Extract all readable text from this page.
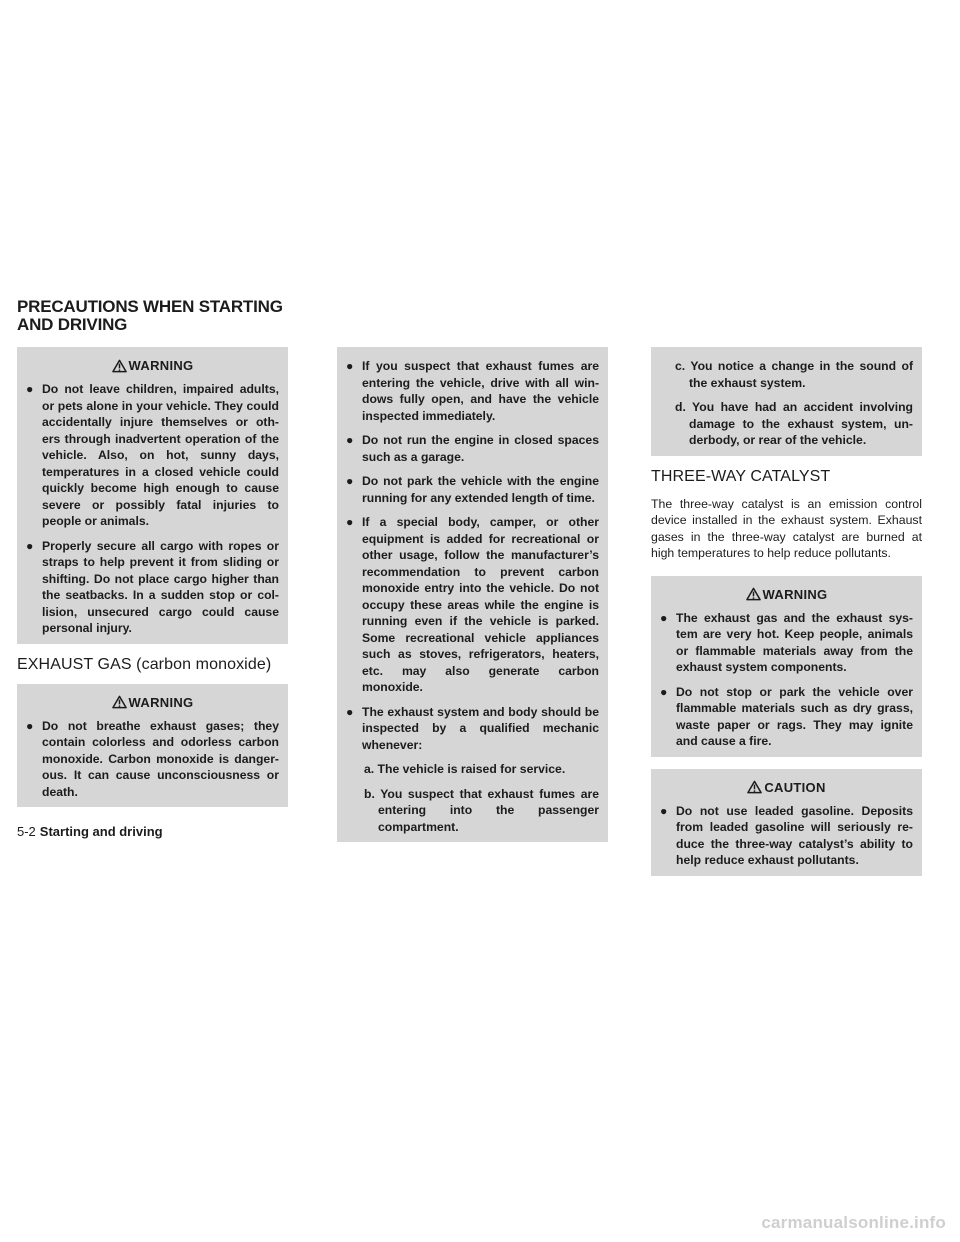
PRECAUTIONS WHEN STARTING
AND DRIVING
WARNING
● Do not leave children, impaired adults, or pets alone in your vehicle. They could accidentally injure themselves or oth- ers through inadvertent operation of the vehicle. Also, on hot, sunny days, temperatures in a closed vehicle could quickly become high enough to cause severe or possibly fatal injuries to people or animals.
● Properly secure all cargo with ropes or straps to help prevent it from sliding or shifting. Do not place cargo higher than the seatbacks. In a sudden stop or col- lision, unsecured cargo could cause personal injury.
EXHAUST GAS (carbon monoxide)
WARNING
● Do not breathe exhaust gases; they contain colorless and odorless carbon monoxide. Carbon monoxide is danger- ous. It can cause unconsciousness or death.
● If you suspect that exhaust fumes are entering the vehicle, drive with all win- dows fully open, and have the vehicle inspected immediately.
● Do not run the engine in closed spaces such as a garage.
● Do not park the vehicle with the engine running for any extended length of time.
● If a special body, camper, or other equipment is added for recreational or other usage, follow the manufacturer’s recommendation to prevent carbon monoxide entry into the vehicle. Do not occupy these areas while the engine is running even if the vehicle is parked. Some recreational vehicle appliances such as stoves, refrigerators, heaters, etc. may also generate carbon monoxide.
● The exhaust system and body should be inspected by a qualified mechanic whenever:
a. The vehicle is raised for service.
b. You suspect that exhaust fumes are entering into the passenger compartment.
c. You notice a change in the sound of the exhaust system.
d. You have had an accident involving damage to the exhaust system, un- derbody, or rear of the vehicle.
THREE-WAY CATALYST

The three-way catalyst is an emission control device installed in the exhaust system. Exhaust gases in the three-way catalyst are burned at high temperatures to help reduce pollutants.

WARNING
● The exhaust gas and the exhaust sys- tem are very hot. Keep people, animals or flammable materials away from the exhaust system components.
● Do not stop or park the vehicle over flammable materials such as dry grass, waste paper or rags. They may ignite and cause a fire.
CAUTION
● Do not use leaded gasoline. Deposits from leaded gasoline will seriously re- duce the three-way catalyst’s ability to help reduce exhaust pollutants.
5-2 Starting and driving
carmanualsonline.info
